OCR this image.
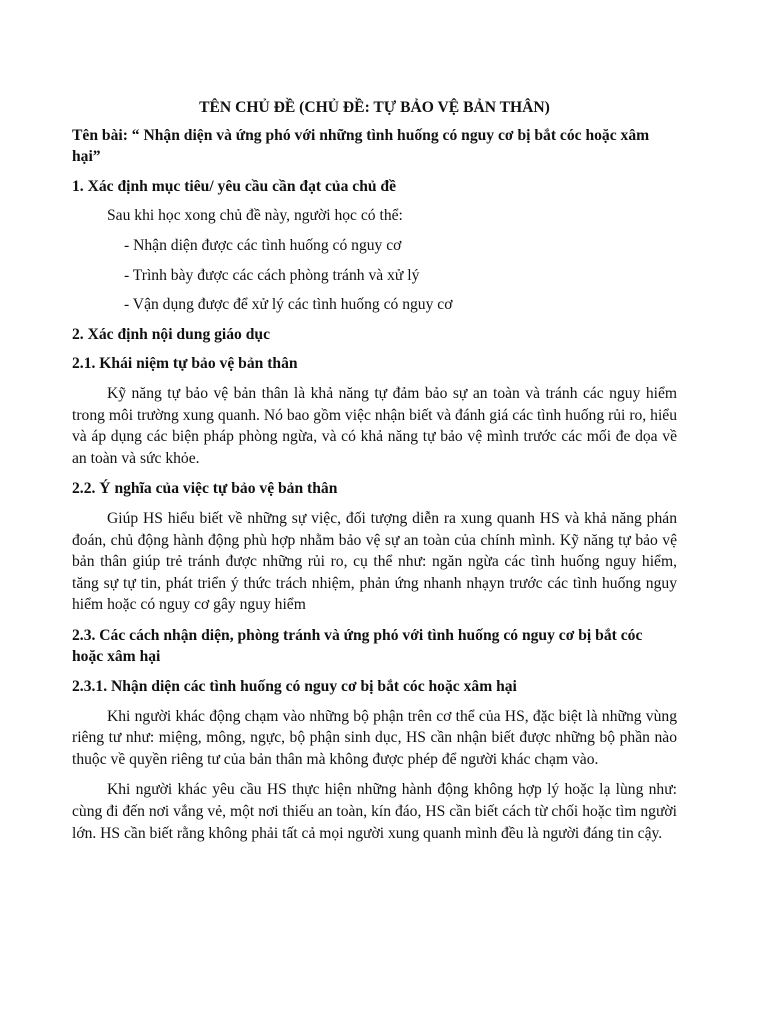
TÊN CHỦ ĐỀ (CHỦ ĐỀ: TỰ BẢO VỆ BẢN THÂN)
Tên bài: “ Nhận diện và ứng phó với những tình huống có nguy cơ bị bắt cóc hoặc xâm hại”
1. Xác định mục tiêu/ yêu cầu cần đạt của chủ đề
Sau khi học xong chủ đề này, người học có thể:
- Nhận diện được các tình huống có nguy cơ
- Trình bày được các cách phòng tránh và xử lý
- Vận dụng được để xử lý các tình huống có nguy cơ
2. Xác định nội dung giáo dục
2.1. Khái niệm tự bảo vệ bản thân
Kỹ năng tự bảo vệ bản thân là khả năng tự đảm bảo sự an toàn và tránh các nguy hiểm trong môi trường xung quanh. Nó bao gồm việc nhận biết và đánh giá các tình huống rủi ro, hiểu và áp dụng các biện pháp phòng ngừa, và có khả năng tự bảo vệ mình trước các mối đe dọa về an toàn và sức khỏe.
2.2. Ý nghĩa của việc tự bảo vệ bản thân
Giúp HS hiểu biết về những sự việc, đối tượng diễn ra xung quanh HS và khả năng phán đoán, chủ động hành động phù hợp nhằm bảo vệ sự an toàn của chính mình. Kỹ năng tự bảo vệ bản thân giúp trẻ tránh được những rủi ro, cụ thể như: ngăn ngừa các tình huống nguy hiểm, tăng sự tự tin, phát triển ý thức trách nhiệm, phản ứng nhanh nhạyn trước các tình huống nguy hiểm hoặc có nguy cơ gây nguy hiểm
2.3. Các cách nhận diện, phòng tránh và ứng phó với tình huống có nguy cơ bị bắt cóc hoặc xâm hại
2.3.1. Nhận diện các tình huống có nguy cơ bị bắt cóc hoặc xâm hại
Khi người khác động chạm vào những bộ phận trên cơ thể của HS, đặc biệt là những vùng riêng tư như: miệng, mông, ngực, bộ phận sinh dục, HS cần nhận biết được những bộ phần nào thuộc về quyền riêng tư của bản thân mà không được phép để người khác chạm vào.
Khi người khác yêu cầu HS thực hiện những hành động không hợp lý hoặc lạ lùng như: cùng đi đến nơi vắng vẻ, một nơi thiếu an toàn, kín đáo, HS cần biết cách từ chối hoặc tìm người lớn. HS cần biết rằng không phải tất cả mọi người xung quanh mình đều là người đáng tin cậy.
